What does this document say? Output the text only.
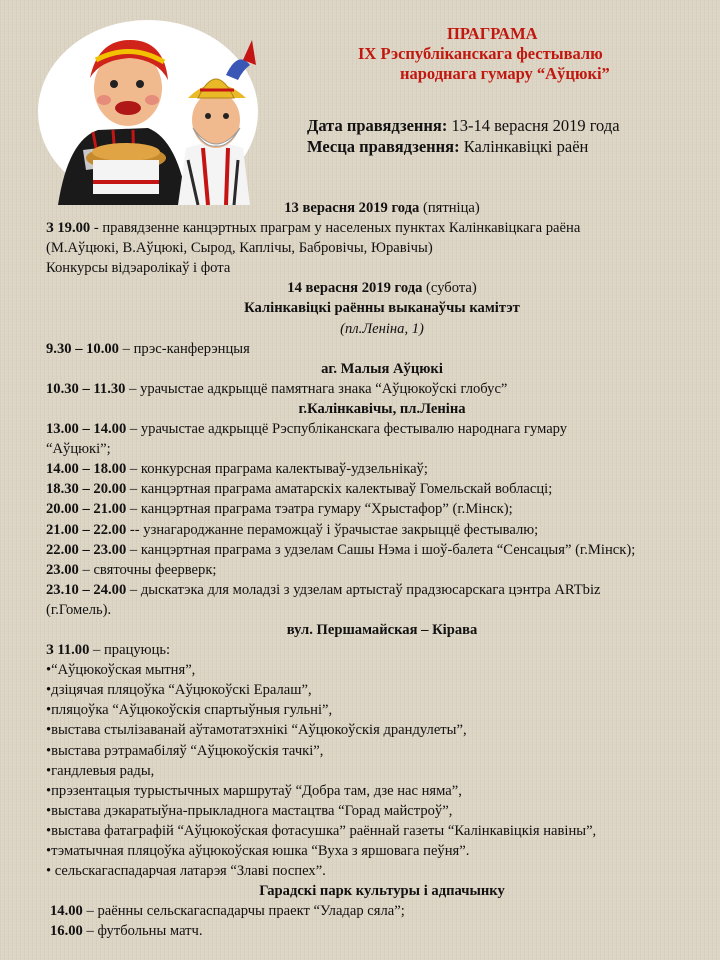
ПРАГРАМА
IX Рэспубліканскага фестывалю
народнага гумару “Аўцюкі”
Дата правядзення: 13-14 верасня 2019 года
Месца правядзення: Калінкавіцкі раён
13 верасня 2019 года (пятніца)
З 19.00 - правядзенне канцэртных праграм у населеных пунктах Калінкавіцкага раёна
(М.Аўцюкі, В.Аўцюкі, Сырод, Каплічы, Бабровічы, Юравічы)
Конкурсы відэаролікаў і фота
14 верасня 2019 года (субота)
Калінкавіцкі раённы выканаўчы камітэт
(пл.Леніна, 1)
9.30 – 10.00 – прэс-канферэнцыя
аг. Малыя Аўцюкі
10.30 – 11.30 – урачыстае адкрыццё памятнага знака “Аўцюкоўскі глобус”
г.Калінкавічы, пл.Леніна
13.00 – 14.00 – урачыстае адкрыццё Рэспубліканскага фестывалю народнага гумару
“Аўцюкі”;
14.00 – 18.00 – конкурсная праграма калектываў-удзельнікаў;
18.30 – 20.00 – канцэртная праграма аматарскіх калектываў Гомельскай вобласці;
20.00 – 21.00 – канцэртная праграма тэатра гумару “Хрыстафор” (г.Мінск);
21.00 – 22.00 -- узнагароджанне пераможцаў і ўрачыстае закрыццё фестывалю;
22.00 – 23.00 – канцэртная праграма з удзелам Сашы Нэма і шоў-балета “Сенсацыя” (г.Мінск);
23.00 – святочны феерверк;
23.10 – 24.00 – дыскатэка для моладзі з удзелам артыстаў прадзюсарскага цэнтра ARTbiz
(г.Гомель).
вул. Першамайская – Кірава
З 11.00 – працуюць:
•“Аўцюкоўская мытня”,
•дзіцячая пляцоўка “Аўцюкоўскі Ералаш”,
•пляцоўка “Аўцюкоўскія спартыўныя гульні”,
•выстава стылізаванай аўтамотатэхнікі “Аўцюкоўскія драндулеты”,
•выстава рэтрамабіляў “Аўцюкоўскія тачкі”,
•гандлевыя рады,
•прэзентацыя турыстычных маршрутаў “Добра там, дзе нас няма”,
•выстава дэкаратыўна-прыкладнога мастацтва “Горад майстроў”,
•выстава фатаграфій “Аўцюкоўская фотасушка” раённай газеты “Калінкавіцкія навіны”,
•тэматычная пляцоўка аўцюкоўская юшка “Вуха з яршовага пеўня”.
• сельскагаспадарчая латарэя “Злаві поспех”.
Гарадскі парк культуры і адпачынку
14.00 – раённы сельскагаспадарчы праект “Уладар сяла”;
16.00 – футбольны матч.
